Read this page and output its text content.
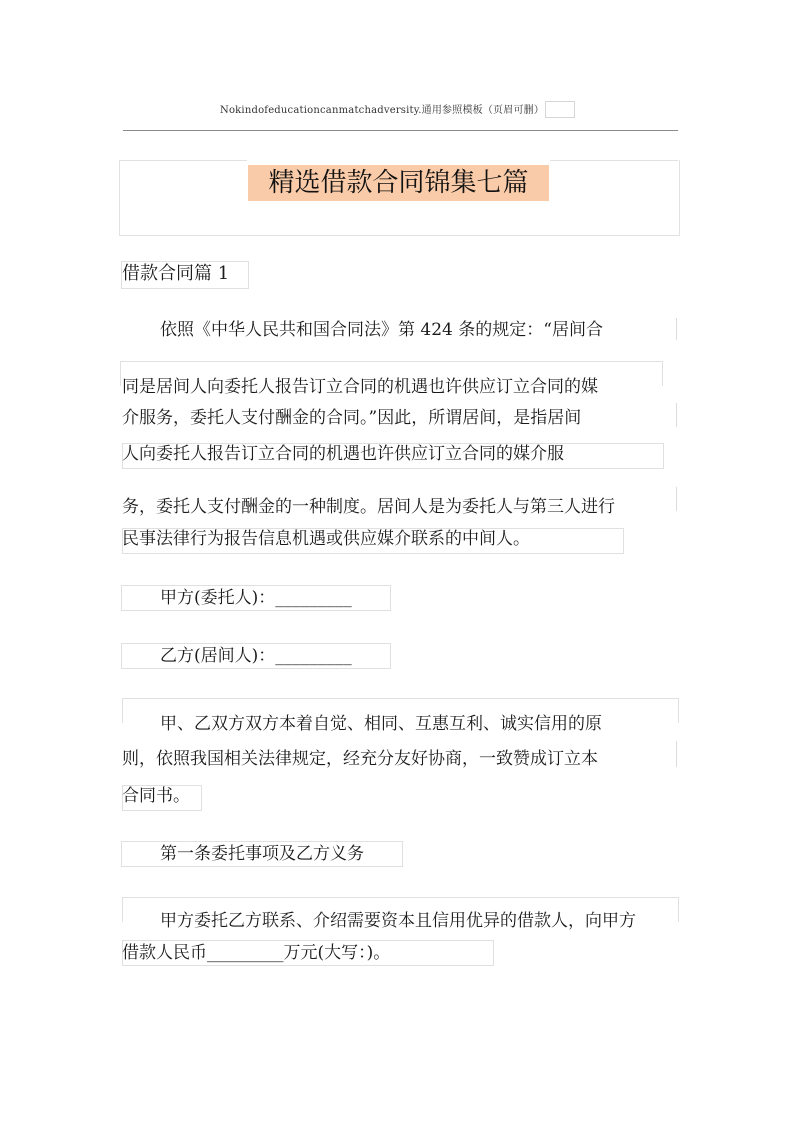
Nokindofeducationcanmatchadversity.通用参照模板（页眉可删）
精选借款合同锦集七篇
借款合同篇 1
依照《中华人民共和国合同法》第 424 条的规定：“居间合
同是居间人向委托人报告订立合同的机遇也许供应订立合同的媒
介服务，委托人支付酬金的合同。”因此，所谓居间，是指居间
人向委托人报告订立合同的机遇也许供应订立合同的媒介服
务，委托人支付酬金的一种制度。居间人是为委托人与第三人进行
民事法律行为报告信息机遇或供应媒介联系的中间人。
甲方(委托人)：_________
乙方(居间人)：_________
甲、乙双方双方本着自觉、相同、互惠互利、诚实信用的原
则，依照我国相关法律规定，经充分友好协商，一致赞成订立本
合同书。
第一条委托事项及乙方义务
甲方委托乙方联系、介绍需要资本且信用优异的借款人，向甲方
借款人民币_________万元(大写：)。
